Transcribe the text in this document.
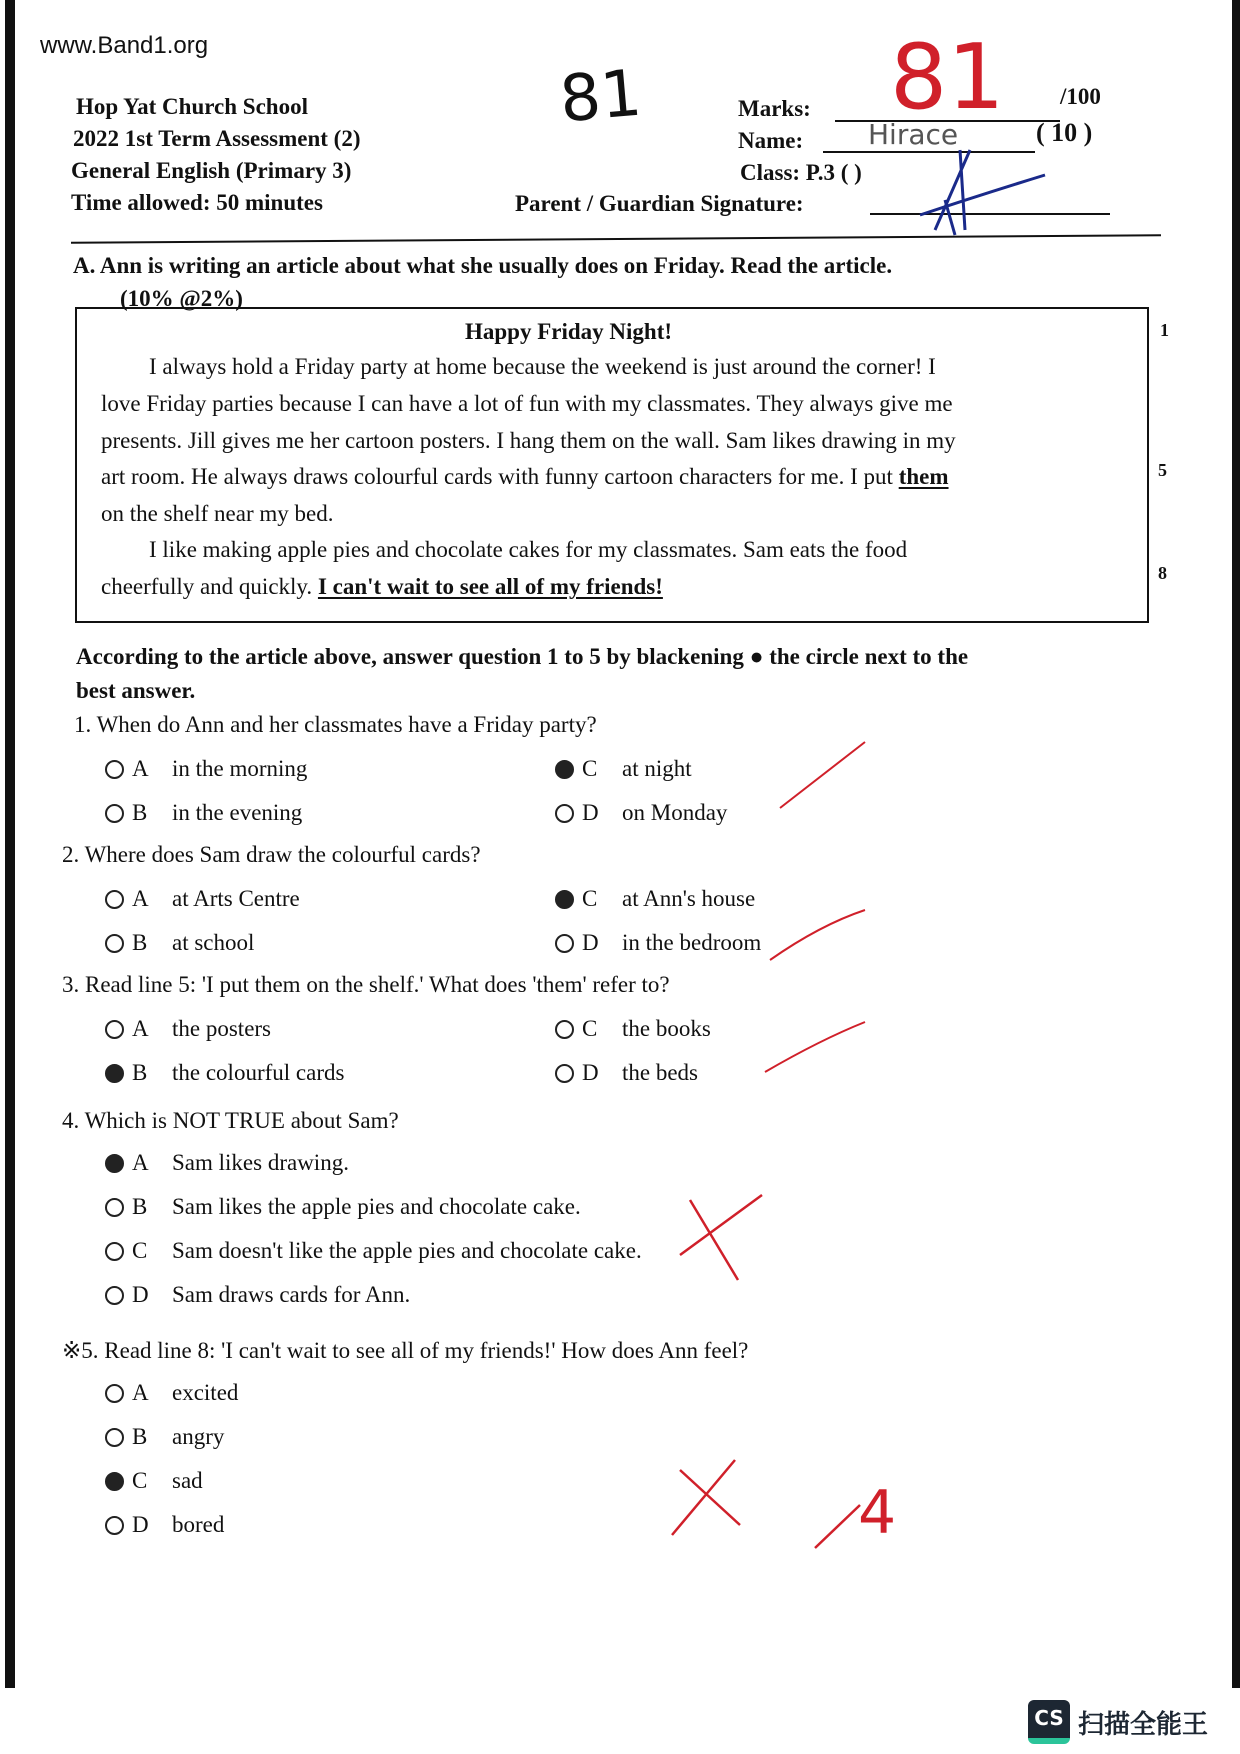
www.Band1.org
Hop Yat Church School
2022 1st Term Assessment (2)
General English (Primary 3)
Time allowed: 50 minutes
81	Marks: 81 /100
Name: Hirace	( 10 )
Class: P.3 ( )
Parent / Guardian Signature:
A. Ann is writing an article about what she usually does on Friday. Read the article.
(10% @2%)
Happy Friday Night!
I always hold a Friday party at home because the weekend is just around the corner! I
love Friday parties because I can have a lot of fun with my classmates. They always give me
presents. Jill gives me her cartoon posters. I hang them on the wall. Sam likes drawing in my
art room. He always draws colourful cards with funny cartoon characters for me. I put them
on the shelf near my bed.
I like making apple pies and chocolate cakes for my classmates. Sam eats the food
cheerfully and quickly. I can't wait to see all of my friends!
1
5
8
According to the article above, answer question 1 to 5 by blackening ● the circle next to the
best answer.
4
CS 扫描全能王
1. When do Ann and her classmates have a Friday party?
A	in the morning
B	in the evening
C	at night
D	on Monday
2. Where does Sam draw the colourful cards?
A	at Arts Centre
B	at school
C	at Ann's house
D	in the bedroom
3. Read line 5: 'I put them on the shelf.' What does 'them' refer to?
A	the posters
B	the colourful cards
C	the books
D	the beds
4. Which is NOT TRUE about Sam?
A	Sam likes drawing.
B	Sam likes the apple pies and chocolate cake.
C	Sam doesn't like the apple pies and chocolate cake.
D	Sam draws cards for Ann.
※5. Read line 8: 'I can't wait to see all of my friends!' How does Ann feel?
A	excited
B	angry
C	sad
D	bored
